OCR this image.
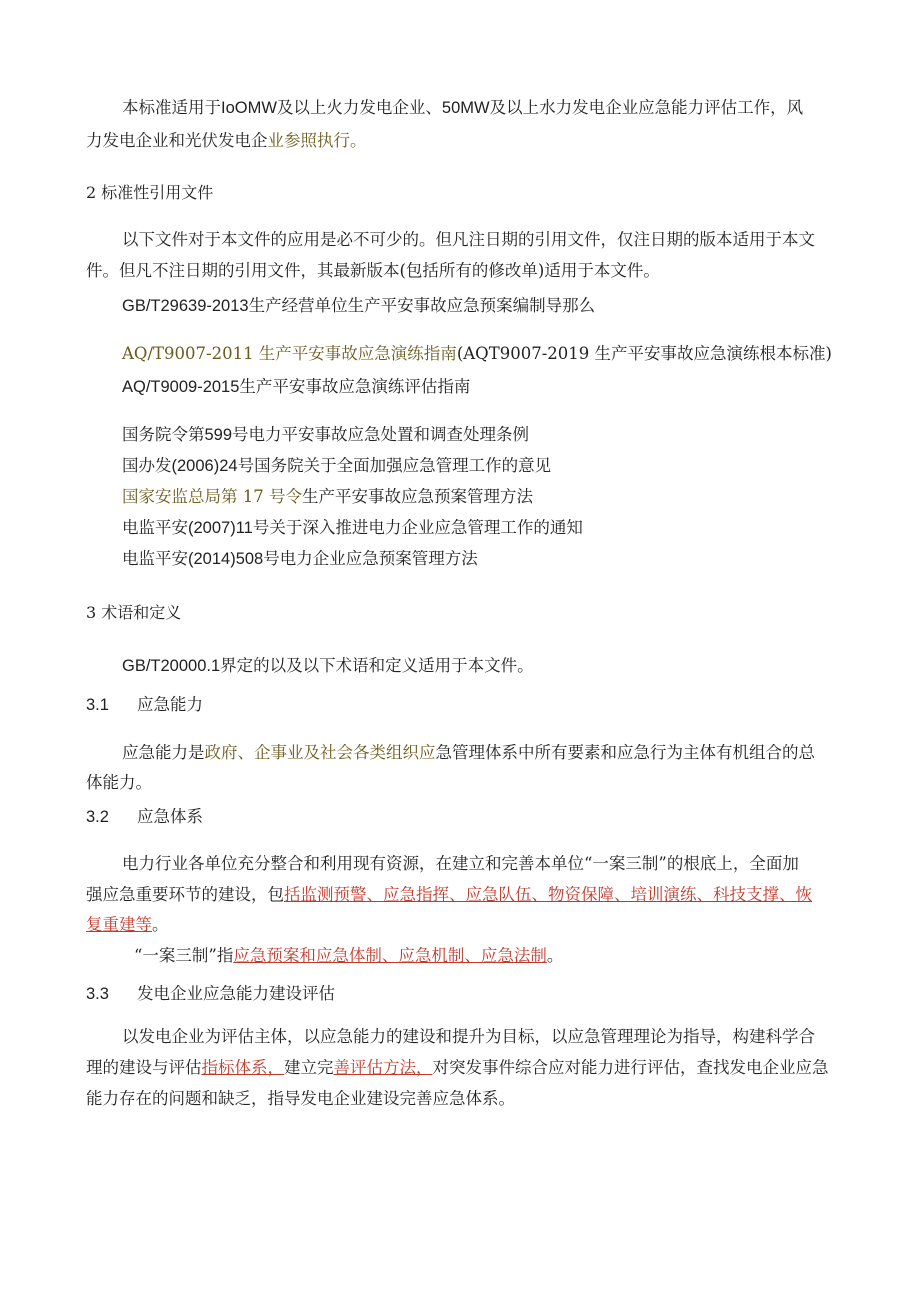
本标准适用于IoOMW及以上火力发电企业、50MW及以上水力发电企业应急能力评估工作，风
力发电企业和光伏发电企业参照执行。
2 标准性引用文件
以下文件对于本文件的应用是必不可少的。但凡注日期的引用文件，仅注日期的版本适用于本文
件。但凡不注日期的引用文件，其最新版本(包括所有的修改单)适用于本文件。
GB/T29639-2013生产经营单位生产平安事故应急预案编制导那么
AQ/T9007-2011 生产平安事故应急演练指南(AQT9007-2019 生产平安事故应急演练根本标准)
AQ/T9009-2015生产平安事故应急演练评估指南
国务院令第599号电力平安事故应急处置和调查处理条例
国办发(2006)24号国务院关于全面加强应急管理工作的意见
国家安监总局第 17 号令生产平安事故应急预案管理方法
电监平安(2007)11号关于深入推进电力企业应急管理工作的通知
电监平安(2014)508号电力企业应急预案管理方法
3 术语和定义
GB/T20000.1界定的以及以下术语和定义适用于本文件。
3.1 应急能力
应急能力是政府、企事业及社会各类组织应急管理体系中所有要素和应急行为主体有机组合的总
体能力。
3.2 应急体系
电力行业各单位充分整合和利用现有资源，在建立和完善本单位“一案三制”的根底上，全面加
强应急重要环节的建设，包括监测预警、应急指挥、应急队伍、物资保障、培训演练、科技支撑、恢
复重建等。
“一案三制”指应急预案和应急体制、应急机制、应急法制。
3.3 发电企业应急能力建设评估
以发电企业为评估主体，以应急能力的建设和提升为目标，以应急管理理论为指导，构建科学合
理的建设与评估指标体系，建立完善评估方法，对突发事件综合应对能力进行评估，查找发电企业应急
能力存在的问题和缺乏，指导发电企业建设完善应急体系。
